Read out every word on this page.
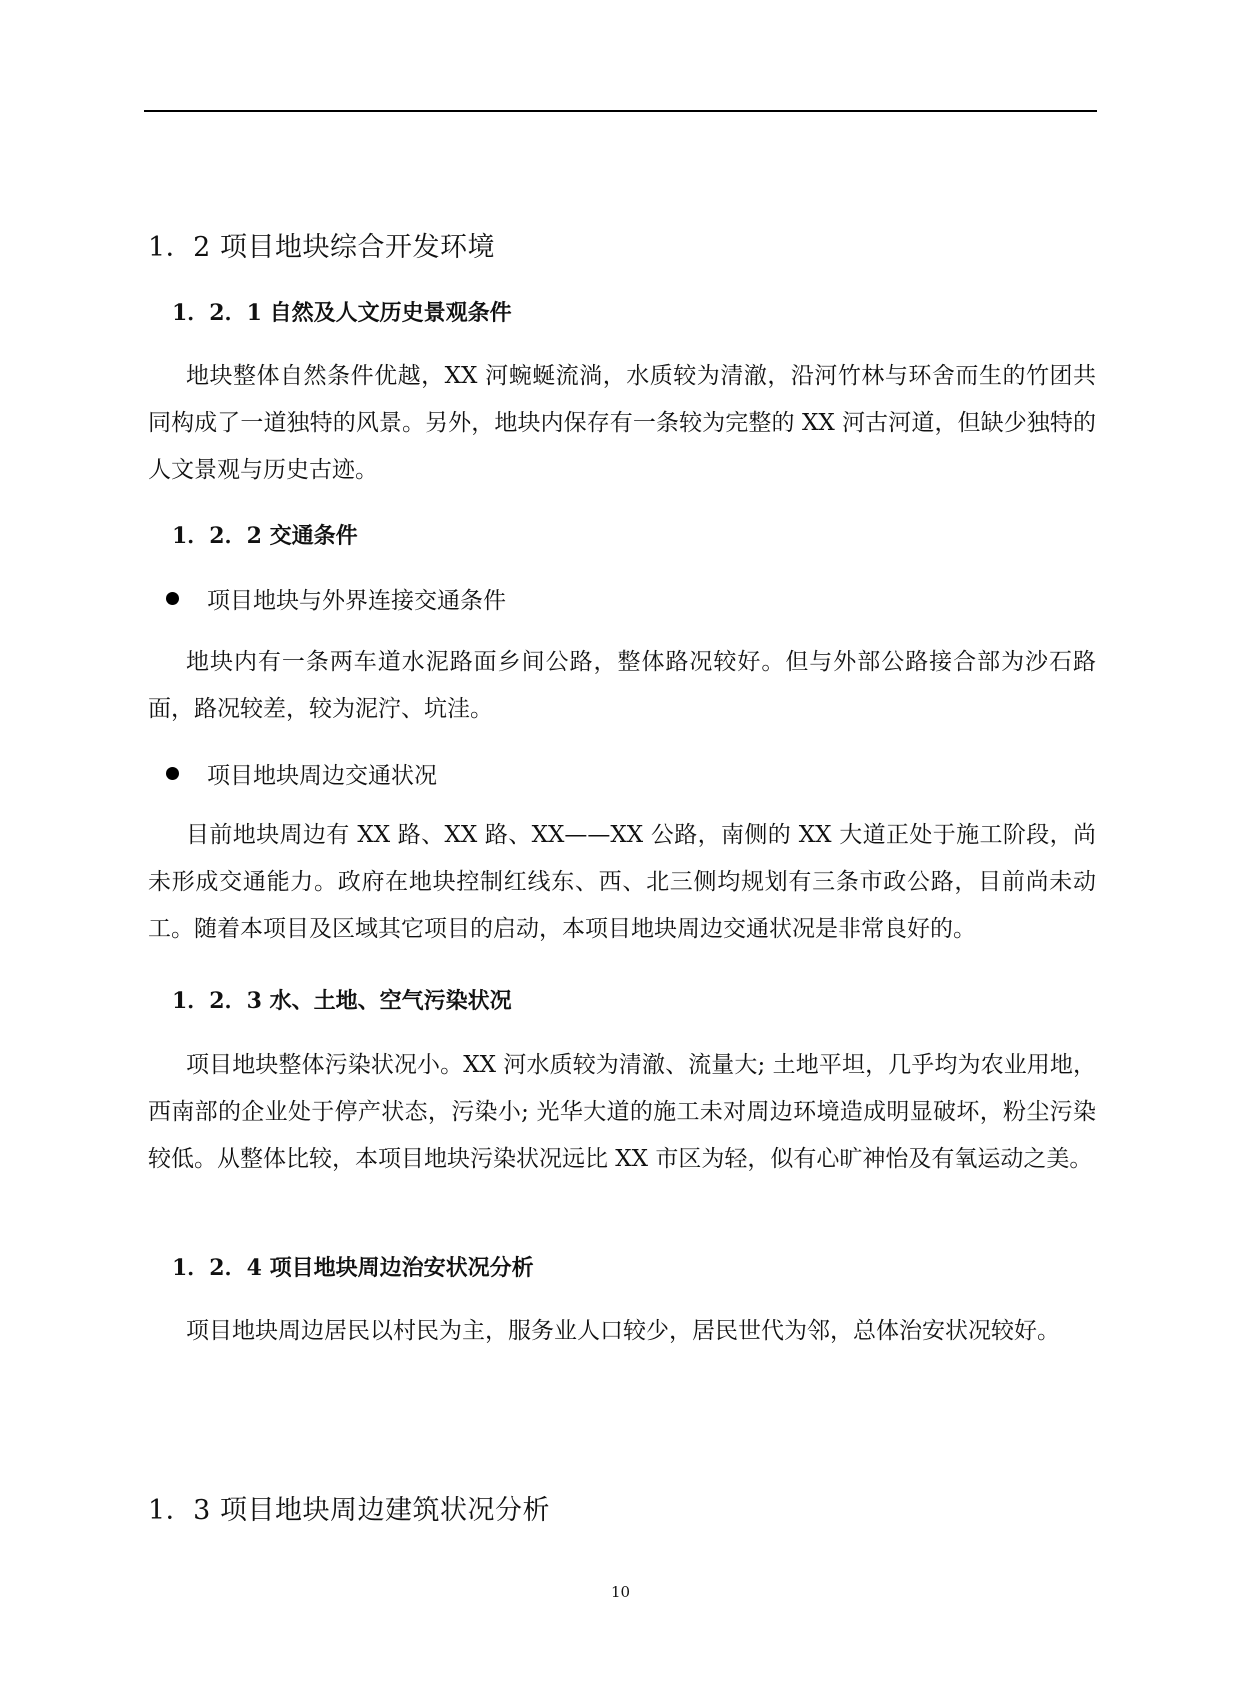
1．2 项目地块综合开发环境
1．2．1 自然及人文历史景观条件

地块整体自然条件优越，XX 河蜿蜒流淌，水质较为清澈，沿河竹林与环舍而生的竹团共同构成了一道独特的风景。另外，地块内保存有一条较为完整的 XX 河古河道，但缺少独特的人文景观与历史古迹。

1．2．2 交通条件
项目地块与外界连接交通条件

地块内有一条两车道水泥路面乡间公路，整体路况较好。但与外部公路接合部为沙石路面，路况较差，较为泥泞、坑洼。

项目地块周边交通状况

目前地块周边有 XX 路、XX 路、XX——XX 公路，南侧的 XX 大道正处于施工阶段，尚未形成交通能力。政府在地块控制红线东、西、北三侧均规划有三条市政公路，目前尚未动工。随着本项目及区域其它项目的启动，本项目地块周边交通状况是非常良好的。

1．2．3 水、土地、空气污染状况

项目地块整体污染状况小。XX 河水质较为清澈、流量大; 土地平坦，几乎均为农业用地，西南部的企业处于停产状态，污染小; 光华大道的施工未对周边环境造成明显破坏，粉尘污染较低。从整体比较，本项目地块污染状况远比 XX 市区为轻，似有心旷神怡及有氧运动之美。

1．2．4 项目地块周边治安状况分析

项目地块周边居民以村民为主，服务业人口较少，居民世代为邻，总体治安状况较好。

1．3 项目地块周边建筑状况分析
10
